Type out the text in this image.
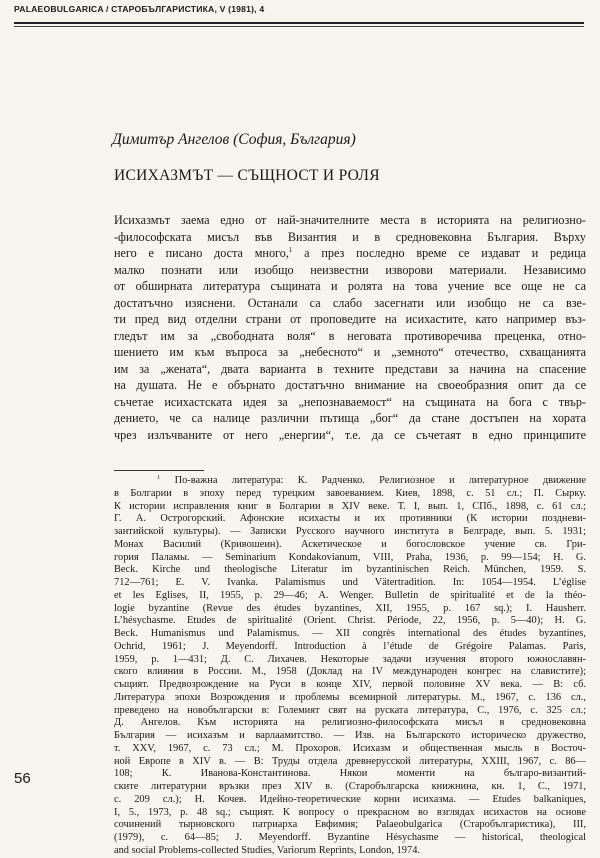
PALAEOBULGARICA / СТАРОБЪЛГАРИСТИКА, V (1981), 4
Димитър Ангелов (София, България)
ИСИХАЗМЪТ — СЪЩНОСТ И РОЛЯ
Исихазмът заема едно от най-значителните места в историята на религиозно-
-философската мисъл във Византия и в средновековна България. Върху
него е писано доста много,$^1$ а през последно време се издават и редица
малко познати или изобщо неизвестни изворови материали. Независимо
от обширната литература същината и ролята на това учение все още не са
достатъчно изяснени. Останали са слабо засегнати или изобщо не са взе-
ти пред вид отделни страни от проповедите на исихастите, като например въз-
гледът им за „свободната воля“ в неговата противоречива преценка, отно-
шението им към въпроса за „небесното“ и „земното“ отечество, схващанията
им за „жената“, двата варианта в техните представи за начина на спасение
на душата. Не е обърнато достатъчно внимание на своеобразния опит да се
съчетае исихастската идея за „непознаваемост“ на същината на бога с твър-
дението, че са налице различни пътища „бог“ да стане достъпен на хората
чрез излъчваните от него „енергии“, т.е. да се съчетаят в едно принципите
$^1$ По-важна литература: К. Радченко. Религиозное и литературное движение
в Болгарии в эпоху перед турецким завоеванием. Киев, 1898, с. 51 сл.; П. Сырку.
К истории исправления книг в Болгарии в XIV веке. Т. I, вып. 1, СПб., 1898, с. 61 сл.;
Г. А. Острогорский. Афонские исихасты и их противники (К истории поздневи-
зантийской культуры). — Записки Русского научного института в Белграде, вып. 5. 1931;
Монах Василий (Кривошеин). Аскетическое и богословское учение св. Гри-
гория Паламы. — Seminarium Kondakovianum, VIII, Praha, 1936, p. 99—154; H. G.
Beck. Kirche und theologische Literatur im byzantinischen Reich. München, 1959. S.
712—761; E. V. Ivanka. Palamismus und Vätertradition. In: 1054—1954. L’église
et les Eglises, II, 1955, p. 29—46; A. Wenger. Bulletin de spiritualité et de la théo-
logie byzantine (Revue des études byzantines, XII, 1955, p. 167 sq.); I. Hausherr.
L’hésychasme. Etudes de spiritualité (Orient. Christ. Période, 22, 1956, p. 5—40); H. G.
Beck. Humanismus und Palamismus. — XII congrès international des études byzantines,
Ochrid, 1961; J. Meyendorff. Introduction à l’étude de Grégoire Palamas. Paris,
1959, p. 1—431; Д. С. Лихачев. Некоторые задачи изучения второго южнославян-
ского влияния в России. М., 1958 (Доклад на IV международен конгрес на славистите);
същият. Предвозрождение на Руси в конце XIV, первой половине XV века. — В: сб.
Литература эпохи Возрождения и проблемы всемирной литературы. М., 1967, с. 136 сл.,
преведено на новобългарски в: Големият свят на руската литература, С., 1976, с. 325 сл.;
Д. Ангелов. Към историята на религиозно-философската мисъл в средновековна
България — исихазъм и варлаамитство. — Изв. на Българското историческо дружество,
т. XXV, 1967, с. 73 сл.; М. Прохоров. Исихазм и общественная мысль в Восточ-
ной Европе в XIV в. — В: Труды отдела древнерусской литературы, XXIII, 1967, с. 86—
108; К. Иванова-Константинова. Някои моменти на българо-византий-
ските литературни връзки през XIV в. (Старобългарска книжнина, кн. 1, С., 1971,
с. 209 сл.); Н. Кочев. Идейно-теоретические корни исихазма. — Etudes balkaniques,
I, 5., 1973, p. 48 sq.; същият. К вопросу о прекрасном во взглядах исихастов на основе
сочинений тырновского патриарха Евфимия; Palaeobulgarica (Старобългаристика), III,
(1979), с. 64—85; J. Meyendorff. Byzantine Hésychasme — historical, theological
and social Problems-collected Studies, Variorum Reprints, London, 1974.
56
